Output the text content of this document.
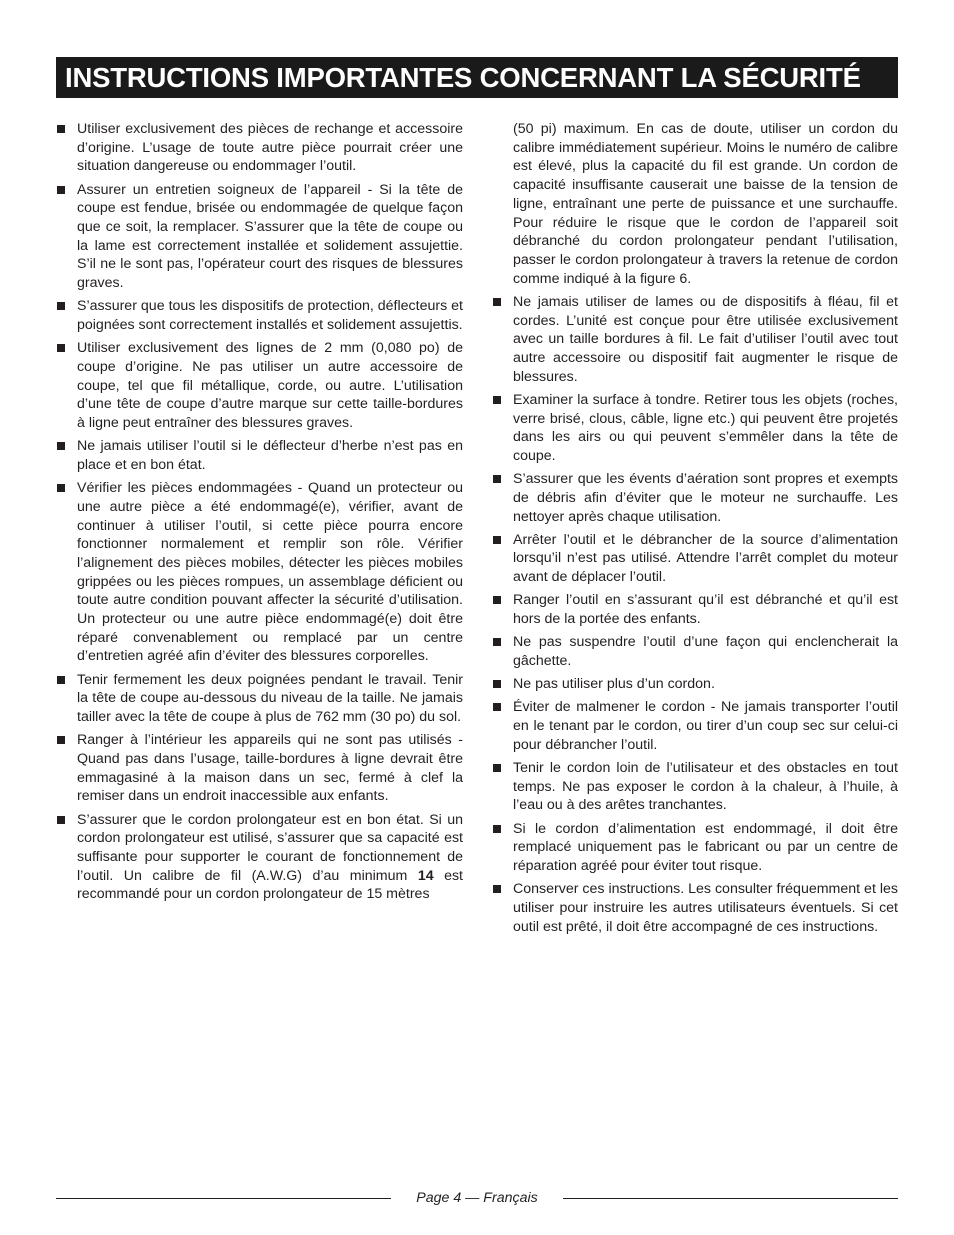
INSTRUCTIONS IMPORTANTES CONCERNANT LA SÉCURITÉ
Utiliser exclusivement des pièces de rechange et accessoire d’origine. L’usage de toute autre pièce pourrait créer une situation dangereuse ou endommager l’outil.
Assurer un entretien soigneux de l’appareil - Si la tête de coupe est fendue, brisée ou endommagée de quelque façon que ce soit, la remplacer. S’assurer que la tête de coupe ou la lame est correctement installée et solidement assujettie. S’il ne le sont pas, l’opérateur court des risques de blessures graves.
S’assurer que tous les dispositifs de protection, déflecteurs et poignées sont correctement installés et solidement assujettis.
Utiliser exclusivement des lignes de 2 mm (0,080 po) de coupe d’origine. Ne pas utiliser un autre accessoire de coupe, tel que fil métallique, corde, ou autre. L’utilisation d’une tête de coupe d’autre marque sur cette taille-bordures à ligne peut entraîner des blessures graves.
Ne jamais utiliser l’outil si le déflecteur d’herbe n’est pas en place et en bon état.
Vérifier les pièces endommagées - Quand un protecteur ou une autre pièce a été endommagé(e), vérifier, avant de continuer à utiliser l’outil, si cette pièce pourra encore fonctionner normalement et remplir son rôle. Vérifier l’alignement des pièces mobiles, détecter les pièces mobiles grippées ou les pièces rompues, un assemblage déficient ou toute autre condition pouvant affecter la sécurité d’utilisation. Un protecteur ou une autre pièce endommagé(e) doit être réparé convenablement ou remplacé par un centre d’entretien agréé afin d’éviter des blessures corporelles.
Tenir fermement les deux poignées pendant le travail. Tenir la tête de coupe au-dessous du niveau de la taille. Ne jamais tailler avec la tête de coupe à plus de 762 mm (30 po) du sol.
Ranger à l’intérieur les appareils qui ne sont pas utilisés - Quand pas dans l’usage, taille-bordures à ligne devrait être emmagasiné à la maison dans un sec, fermé à clef la remiser dans un endroit inaccessible aux enfants.
S’assurer que le cordon prolongateur est en bon état. Si un cordon prolongateur est utilisé, s’assurer que sa capacité est suffisante pour supporter le courant de fonctionnement de l’outil. Un calibre de fil (A.W.G) d’au minimum 14 est recommandé pour un cordon prolongateur de 15 mètres
(50 pi) maximum. En cas de doute, utiliser un cordon du calibre immédiatement supérieur. Moins le numéro de calibre est élevé, plus la capacité du fil est grande. Un cordon de capacité insuffisante causerait une baisse de la tension de ligne, entraînant une perte de puissance et une surchauffe. Pour réduire le risque que le cordon de l’appareil soit débranché du cordon prolongateur pendant l’utilisation, passer le cordon prolongateur à travers la retenue de cordon comme indiqué à la figure 6.
Ne jamais utiliser de lames ou de dispositifs à fléau, fil et cordes. L’unité est conçue pour être utilisée exclusivement avec un taille bordures à fil. Le fait d’utiliser l’outil avec tout autre accessoire ou dispositif fait augmenter le risque de blessures.
Examiner la surface à tondre. Retirer tous les objets (roches, verre brisé, clous, câble, ligne etc.) qui peuvent être projetés dans les airs ou qui peuvent s’emmêler dans la tête de coupe.
S’assurer que les évents d’aération sont propres et exempts de débris afin d’éviter que le moteur ne surchauffe. Les nettoyer après chaque utilisation.
Arrêter l’outil et le débrancher de la source d’alimentation lorsqu’il n’est pas utilisé. Attendre l’arrêt complet du moteur avant de déplacer l’outil.
Ranger l’outil en s’assurant qu’il est débranché et qu’il est hors de la portée des enfants.
Ne pas suspendre l’outil d’une façon qui enclencherait la gâchette.
Ne pas utiliser plus d’un cordon.
Éviter de malmener le cordon - Ne jamais transporter l’outil en le tenant par le cordon, ou tirer d’un coup sec sur celui-ci pour débrancher l’outil.
Tenir le cordon loin de l’utilisateur et des obstacles en tout temps. Ne pas exposer le cordon à la chaleur, à l’huile, à l’eau ou à des arêtes tranchantes.
Si le cordon d’alimentation est endommagé, il doit être remplacé uniquement pas le fabricant ou par un centre de réparation agréé pour éviter tout risque.
Conserver ces instructions. Les consulter fréquemment et les utiliser pour instruire les autres utilisateurs éventuels. Si cet outil est prêté, il doit être accompagné de ces instructions.
Page 4 — Français
